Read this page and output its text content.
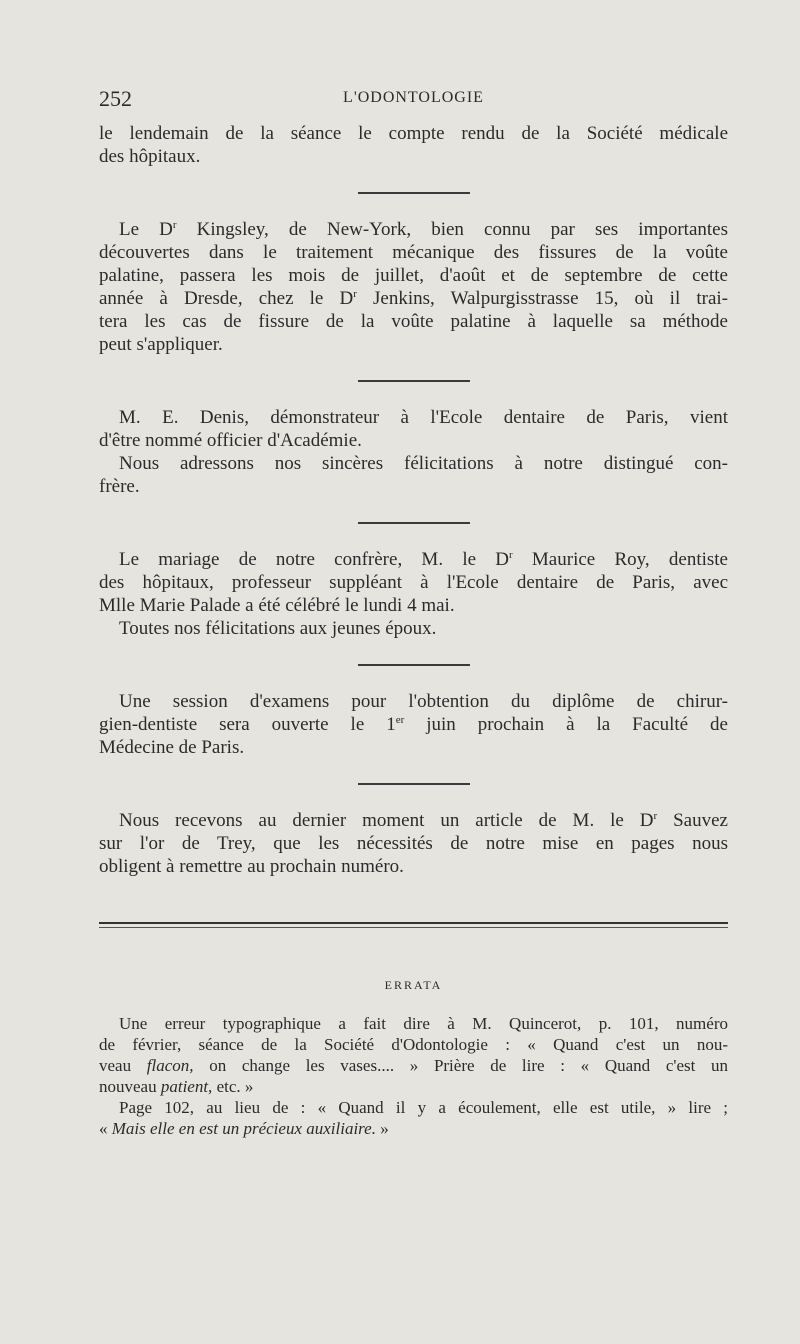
252	L'ODONTOLOGIE

le lendemain de la séance le compte rendu de la Société médicale

des hôpitaux.

Le $D^r$ Kingsley, de New-York, bien connu par ses importantes

découvertes dans le traitement mécanique des fissures de la voûte

palatine, passera les mois de juillet, d'août et de septembre de cette

année à Dresde, chez le $D^r$ Jenkins, Walpurgisstrasse 15, où il trai-

tera les cas de fissure de la voûte palatine à laquelle sa méthode

peut s'appliquer.

M. E. Denis, démonstrateur à l'Ecole dentaire de Paris, vient

d'être nommé officier d'Académie.

Nous adressons nos sincères félicitations à notre distingué con-

frère.

Le mariage de notre confrère, M. le $D^r$ Maurice Roy, dentiste

des hôpitaux, professeur suppléant à l'Ecole dentaire de Paris, avec

Mlle Marie Palade a été célébré le lundi 4 mai.

Toutes nos félicitations aux jeunes époux.

Une session d'examens pour l'obtention du diplôme de chirur-

gien-dentiste sera ouverte le 1er juin prochain à la Faculté de

Médecine de Paris.

Nous recevons au dernier moment un article de M. le $D^r$ Sauvez

sur l'or de Trey, que les nécessités de notre mise en pages nous

obligent à remettre au prochain numéro.

ERRATA

Une erreur typographique a fait dire à M. Quincerot, p. 101, numéro

de février, séance de la Société d'Odontologie : « Quand c'est un nou-

veau flacon, on change les vases.... » Prière de lire : « Quand c'est un

nouveau patient, etc. »

Page 102, au lieu de : « Quand il y a écoulement, elle est utile, » lire ;

« Mais elle en est un précieux auxiliaire. »
